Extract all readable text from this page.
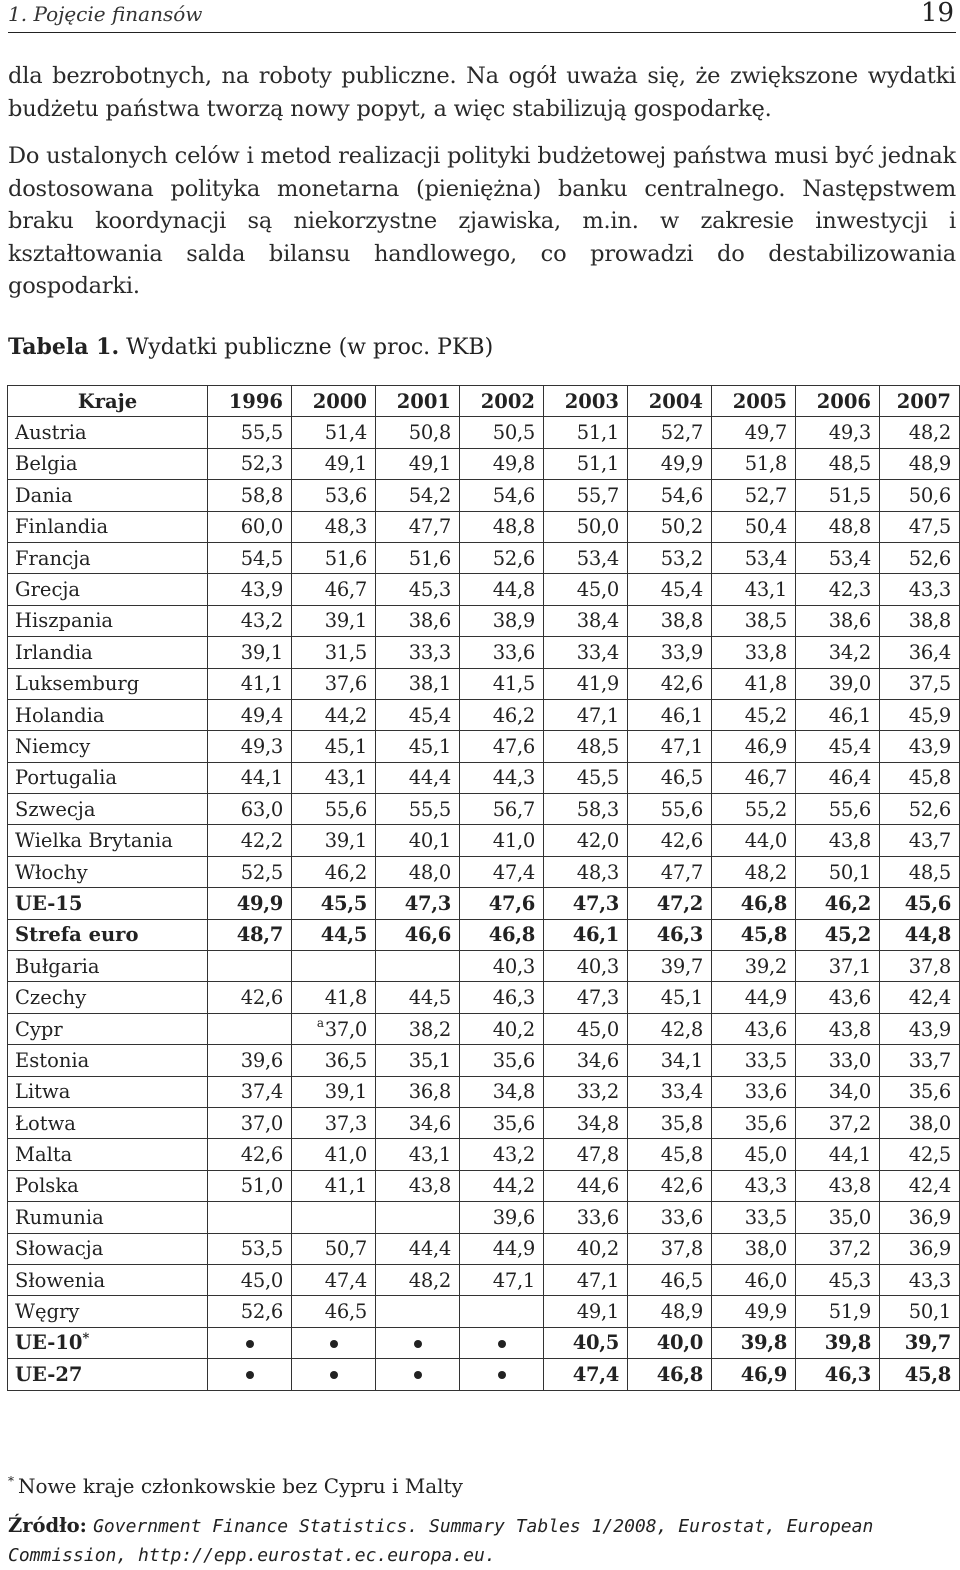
1. Pojęcie finansów	19

dla bezrobotnych, na roboty publiczne. Na ogół uważa się, że zwiększone wydatki budżetu państwa tworzą nowy popyt, a więc stabilizują gospodarkę.

Do ustalonych celów i metod realizacji polityki budżetowej państwa musi być jednak dostosowana polityka monetarna (pieniężna) banku centralnego. Następstwem braku koordynacji są niekorzystne zjawiska, m.in. w zakresie inwestycji i kształtowania salda bilansu handlowego, co prowadzi do destabilizowania gospodarki.

Tabela 1. Wydatki publiczne (w proc. PKB)
Kraje	1996	2000	2001	2002	2003	2004	2005	2006	2007
Austria	55,5	51,4	50,8	50,5	51,1	52,7	49,7	49,3	48,2
Belgia	52,3	49,1	49,1	49,8	51,1	49,9	51,8	48,5	48,9
Dania	58,8	53,6	54,2	54,6	55,7	54,6	52,7	51,5	50,6
Finlandia	60,0	48,3	47,7	48,8	50,0	50,2	50,4	48,8	47,5
Francja	54,5	51,6	51,6	52,6	53,4	53,2	53,4	53,4	52,6
Grecja	43,9	46,7	45,3	44,8	45,0	45,4	43,1	42,3	43,3
Hiszpania	43,2	39,1	38,6	38,9	38,4	38,8	38,5	38,6	38,8
Irlandia	39,1	31,5	33,3	33,6	33,4	33,9	33,8	34,2	36,4
Luksemburg	41,1	37,6	38,1	41,5	41,9	42,6	41,8	39,0	37,5
Holandia	49,4	44,2	45,4	46,2	47,1	46,1	45,2	46,1	45,9
Niemcy	49,3	45,1	45,1	47,6	48,5	47,1	46,9	45,4	43,9
Portugalia	44,1	43,1	44,4	44,3	45,5	46,5	46,7	46,4	45,8
Szwecja	63,0	55,6	55,5	56,7	58,3	55,6	55,2	55,6	52,6
Wielka Brytania	42,2	39,1	40,1	41,0	42,0	42,6	44,0	43,8	43,7
Włochy	52,5	46,2	48,0	47,4	48,3	47,7	48,2	50,1	48,5
UE-15	49,9	45,5	47,3	47,6	47,3	47,2	46,8	46,2	45,6
Strefa euro	48,7	44,5	46,6	46,8	46,1	46,3	45,8	45,2	44,8
Bułgaria				40,3	40,3	39,7	39,2	37,1	37,8
Czechy	42,6	41,8	44,5	46,3	47,3	45,1	44,9	43,6	42,4
Cypr		$^a$37,0	38,2	40,2	45,0	42,8	43,6	43,8	43,9
Estonia	39,6	36,5	35,1	35,6	34,6	34,1	33,5	33,0	33,7
Litwa	37,4	39,1	36,8	34,8	33,2	33,4	33,6	34,0	35,6
Łotwa	37,0	37,3	34,6	35,6	34,8	35,8	35,6	37,2	38,0
Malta	42,6	41,0	43,1	43,2	47,8	45,8	45,0	44,1	42,5
Polska	51,0	41,1	43,8	44,2	44,6	42,6	43,3	43,8	42,4
Rumunia				39,6	33,6	33,6	33,5	35,0	36,9
Słowacja	53,5	50,7	44,4	44,9	40,2	37,8	38,0	37,2	36,9
Słowenia	45,0	47,4	48,2	47,1	47,1	46,5	46,0	45,3	43,3
Węgry	52,6	46,5			49,1	48,9	49,9	51,9	50,1
UE-10*					40,5	40,0	39,8	39,8	39,7
UE-27					47,4	46,8	46,9	46,3	45,8
* Nowe kraje członkowskie bez Cypru i Malty
Źródło: Government Finance Statistics. Summary Tables 1/2008, Eurostat, European Commission, http://epp.eurostat.ec.europa.eu.
